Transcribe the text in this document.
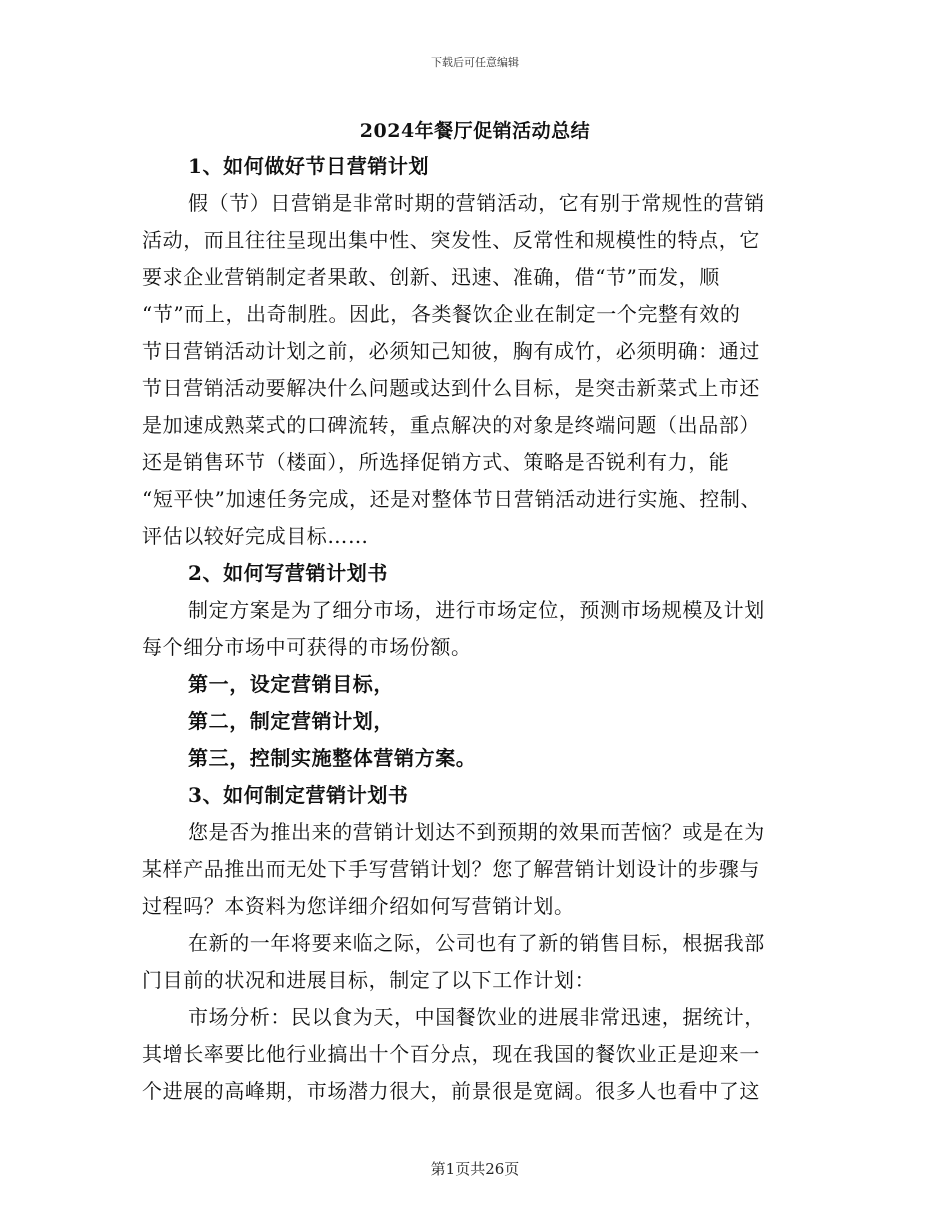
下载后可任意编辑
2024年餐厅促销活动总结
1、如何做好节日营销计划
假（节）日营销是非常时期的营销活动，它有别于常规性的营销
活动，而且往往呈现出集中性、突发性、反常性和规模性的特点，它
要求企业营销制定者果敢、创新、迅速、准确，借“节”而发，顺
“节”而上，出奇制胜。因此，各类餐饮企业在制定一个完整有效的
节日营销活动计划之前，必须知己知彼，胸有成竹，必须明确：通过
节日营销活动要解决什么问题或达到什么目标，是突击新菜式上市还
是加速成熟菜式的口碑流转，重点解决的对象是终端问题（出品部）
还是销售环节（楼面），所选择促销方式、策略是否锐利有力，能
“短平快”加速任务完成，还是对整体节日营销活动进行实施、控制、
评估以较好完成目标……
2、如何写营销计划书
制定方案是为了细分市场，进行市场定位，预测市场规模及计划
每个细分市场中可获得的市场份额。
第一，设定营销目标，
第二，制定营销计划，
第三，控制实施整体营销方案。
3、如何制定营销计划书
您是否为推出来的营销计划达不到预期的效果而苦恼？或是在为
某样产品推出而无处下手写营销计划？您了解营销计划设计的步骤与
过程吗？本资料为您详细介绍如何写营销计划。
在新的一年将要来临之际，公司也有了新的销售目标，根据我部
门目前的状况和进展目标，制定了以下工作计划：
市场分析：民以食为天，中国餐饮业的进展非常迅速，据统计，
其增长率要比他行业搞出十个百分点，现在我国的餐饮业正是迎来一
个进展的高峰期，市场潜力很大，前景很是宽阔。很多人也看中了这
第1页共26页
